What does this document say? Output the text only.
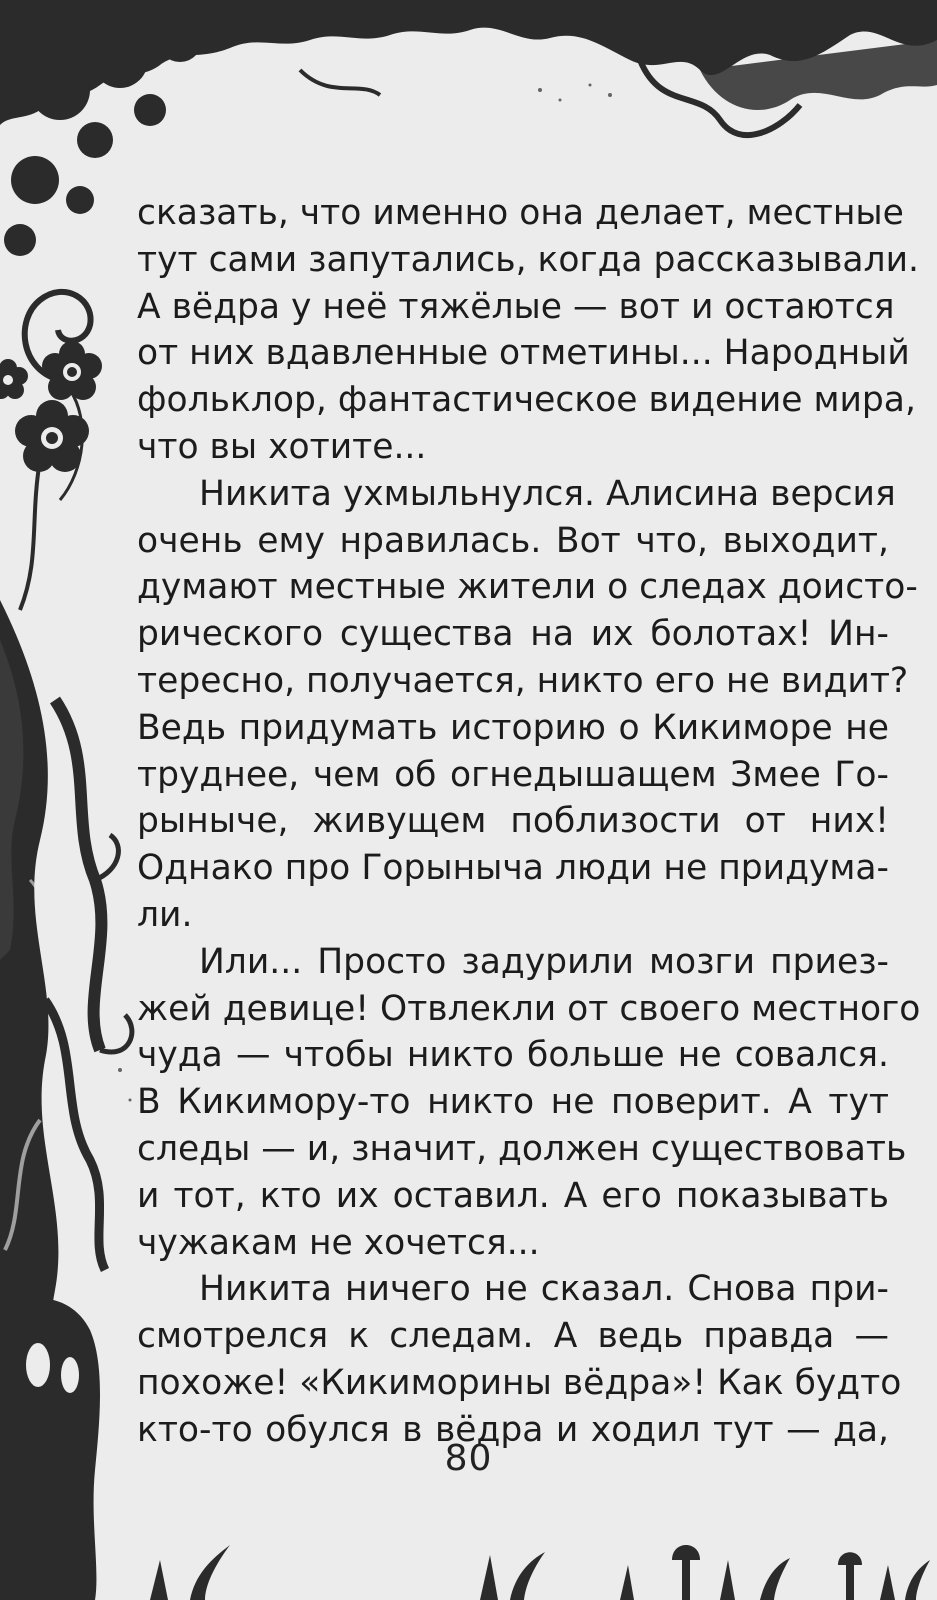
сказать, что именно она делает, местные
тут сами запутались, когда рассказывали.
А вёдра у неё тяжёлые — вот и остаются
от них вдавленные отметины... Народный
фольклор, фантастическое видение мира,
что вы хотите...
Никита ухмыльнулся. Алисина версия
очень ему нравилась. Вот что, выходит,
думают местные жители о следах доисто-
рического существа на их болотах! Ин-
тересно, получается, никто его не видит?
Ведь придумать историю о Кикиморе не
труднее, чем об огнедышащем Змее Го-
рыныче, живущем поблизости от них!
Однако про Горыныча люди не придума-
ли.
Или... Просто задурили мозги приез-
жей девице! Отвлекли от своего местного
чуда — чтобы никто больше не совался.
В Кикимору-то никто не поверит. А тут
следы — и, значит, должен существовать
и тот, кто их оставил. А его показывать
чужакам не хочется...
Никита ничего не сказал. Снова при-
смотрелся к следам. А ведь правда —
похоже! «Кикиморины вёдра»! Как будто
кто-то обулся в вёдра и ходил тут — да,
80
